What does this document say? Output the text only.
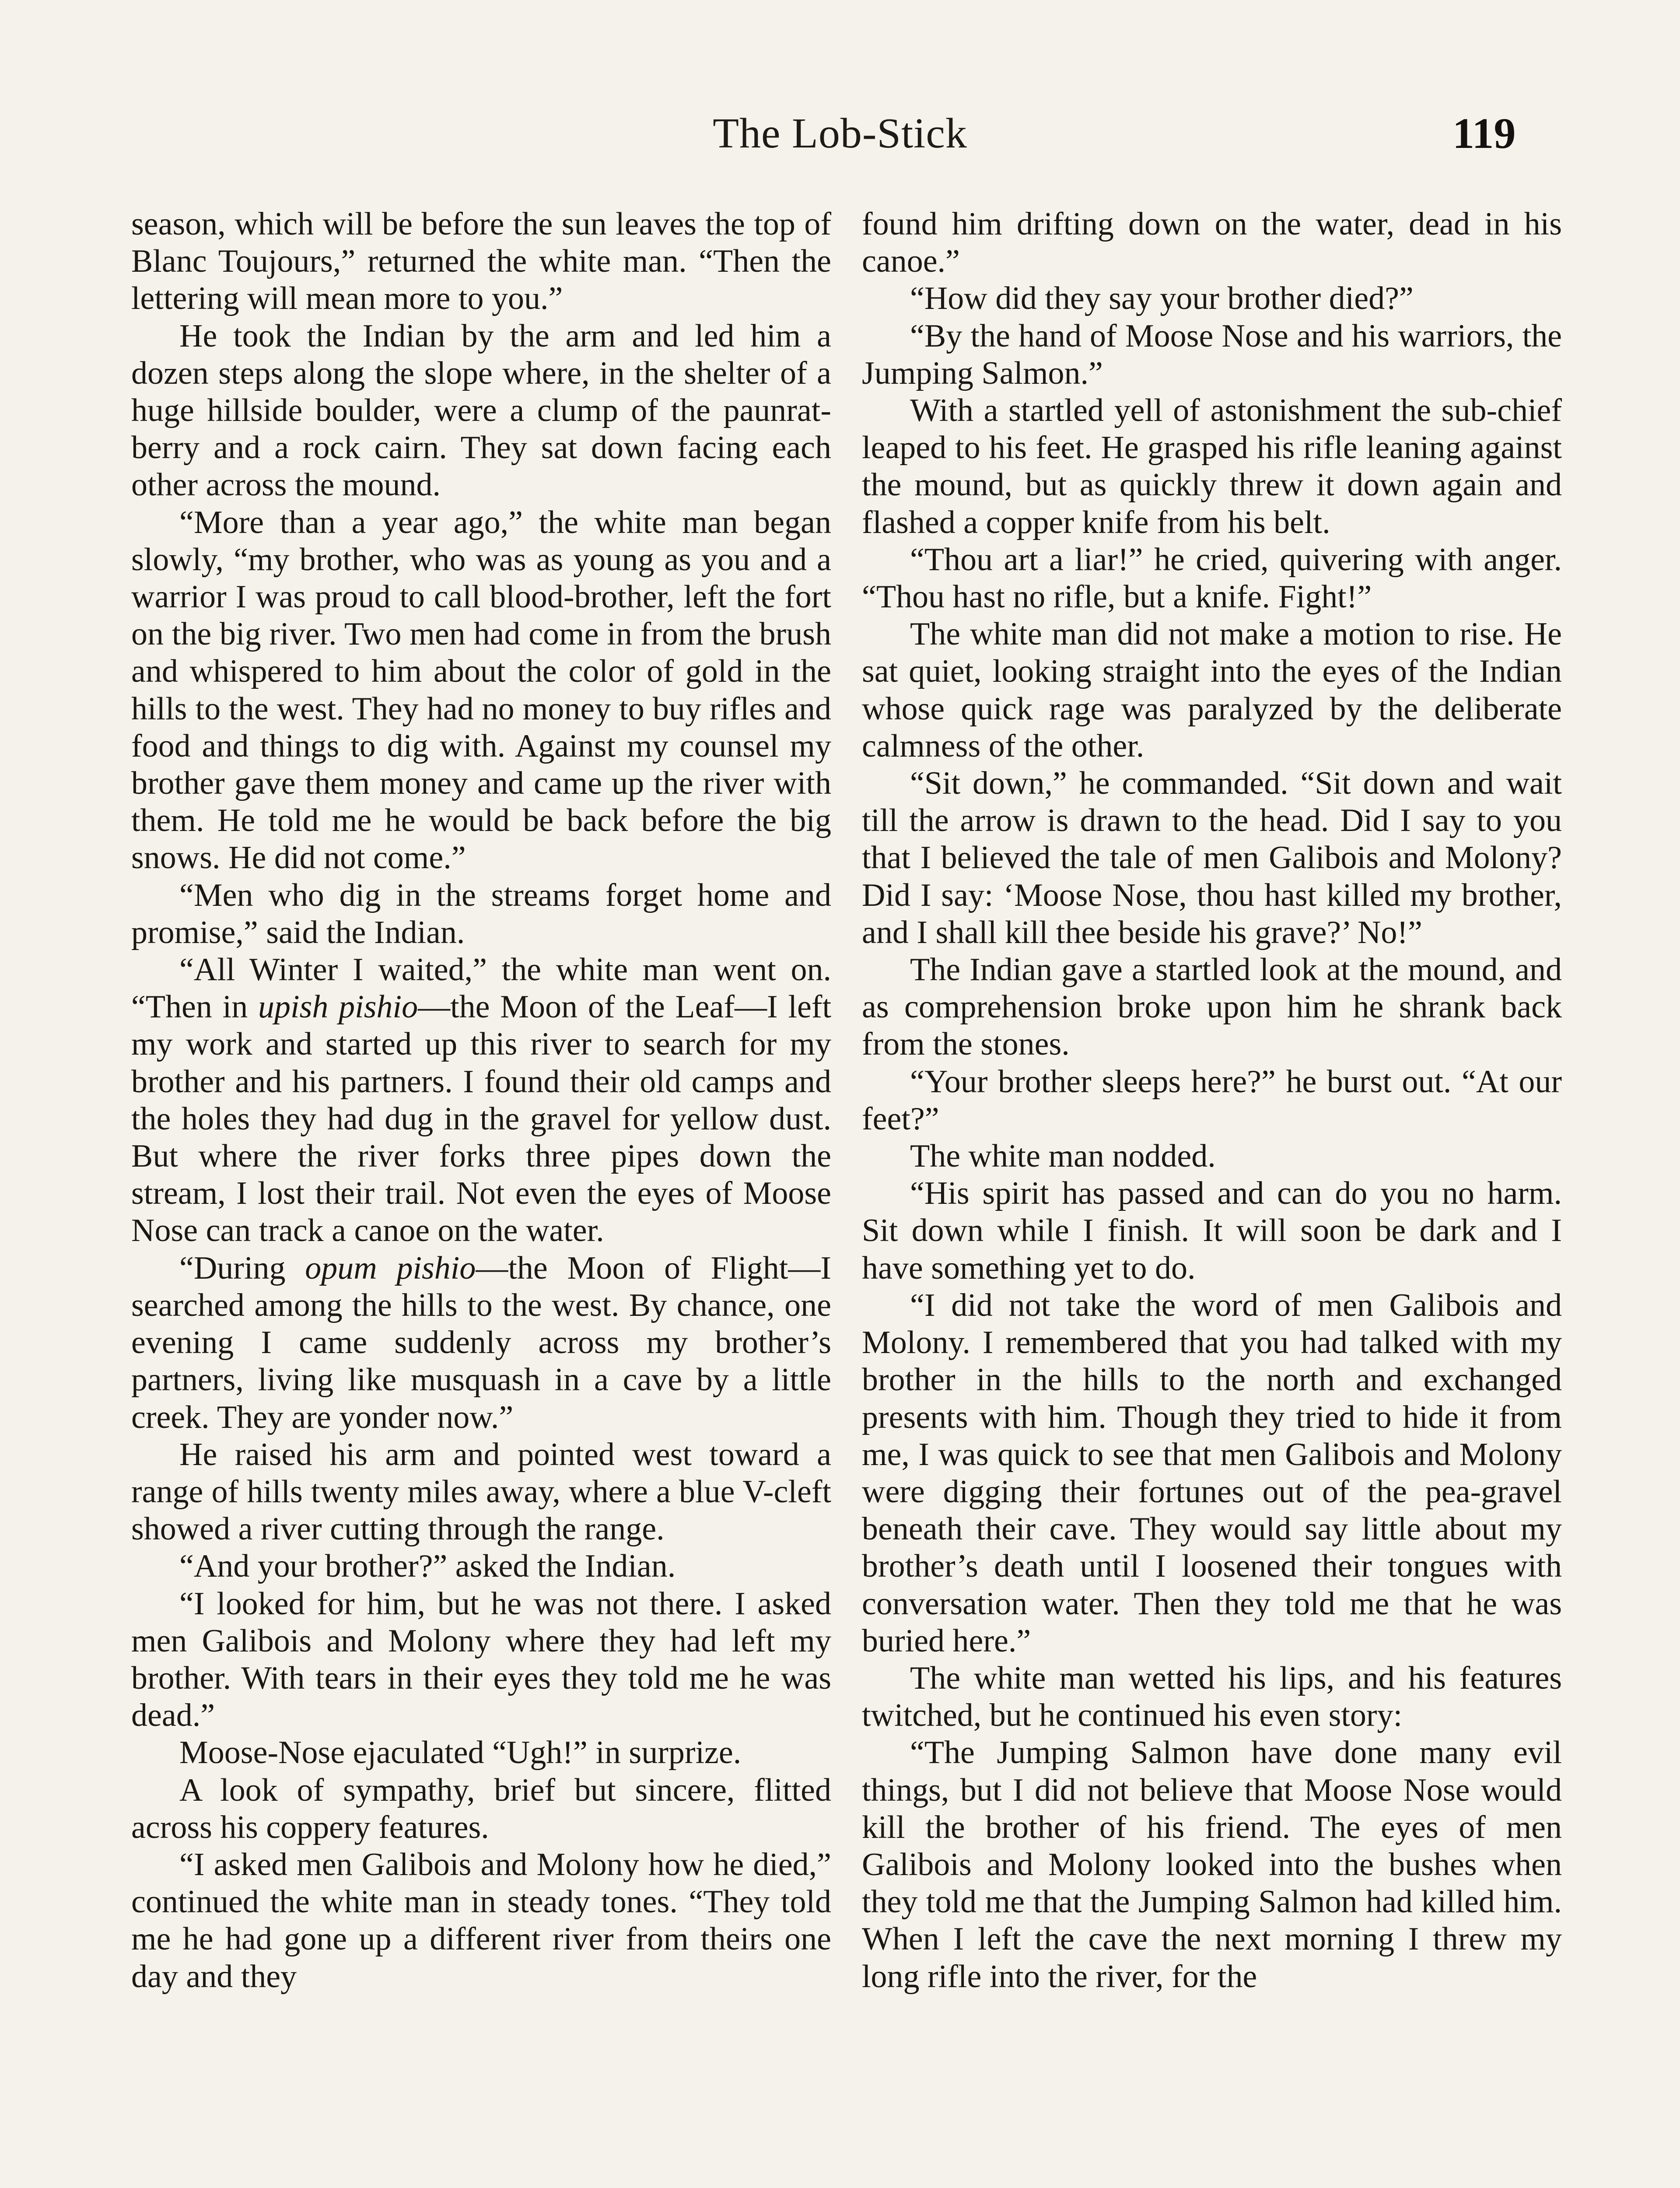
The Lob-Stick	119

season, which will be before the sun leaves the top of Blanc Toujours,” returned the white man. “Then the lettering will mean more to you.”

He took the Indian by the arm and led him a dozen steps along the slope where, in the shelter of a huge hillside boulder, were a clump of the paunrat-berry and a rock cairn. They sat down facing each other across the mound.

“More than a year ago,” the white man began slowly, “my brother, who was as young as you and a warrior I was proud to call blood-brother, left the fort on the big river. Two men had come in from the brush and whispered to him about the color of gold in the hills to the west. They had no money to buy rifles and food and things to dig with. Against my counsel my brother gave them money and came up the river with them. He told me he would be back before the big snows. He did not come.”

“Men who dig in the streams forget home and promise,” said the Indian.

“All Winter I waited,” the white man went on. “Then in upish pishio—the Moon of the Leaf—I left my work and started up this river to search for my brother and his partners. I found their old camps and the holes they had dug in the gravel for yellow dust. But where the river forks three pipes down the stream, I lost their trail. Not even the eyes of Moose Nose can track a canoe on the water.

“During opum pishio—the Moon of Flight—I searched among the hills to the west. By chance, one evening I came suddenly across my brother’s partners, living like musquash in a cave by a little creek. They are yonder now.”

He raised his arm and pointed west toward a range of hills twenty miles away, where a blue V-cleft showed a river cutting through the range.

“And your brother?” asked the Indian.

“I looked for him, but he was not there. I asked men Galibois and Molony where they had left my brother. With tears in their eyes they told me he was dead.”

Moose-Nose ejaculated “Ugh!” in surprize.

A look of sympathy, brief but sincere, flitted across his coppery features.

“I asked men Galibois and Molony how he died,” continued the white man in steady tones. “They told me he had gone up a different river from theirs one day and they

found him drifting down on the water, dead in his canoe.”

“How did they say your brother died?”

“By the hand of Moose Nose and his warriors, the Jumping Salmon.”

With a startled yell of astonishment the sub-chief leaped to his feet. He grasped his rifle leaning against the mound, but as quickly threw it down again and flashed a copper knife from his belt.

“Thou art a liar!” he cried, quivering with anger. “Thou hast no rifle, but a knife. Fight!”

The white man did not make a motion to rise. He sat quiet, looking straight into the eyes of the Indian whose quick rage was paralyzed by the deliberate calmness of the other.

“Sit down,” he commanded. “Sit down and wait till the arrow is drawn to the head. Did I say to you that I believed the tale of men Galibois and Molony? Did I say: ‘Moose Nose, thou hast killed my brother, and I shall kill thee beside his grave?’ No!”

The Indian gave a startled look at the mound, and as comprehension broke upon him he shrank back from the stones.

“Your brother sleeps here?” he burst out. “At our feet?”

The white man nodded.

“His spirit has passed and can do you no harm. Sit down while I finish. It will soon be dark and I have something yet to do.

“I did not take the word of men Galibois and Molony. I remembered that you had talked with my brother in the hills to the north and exchanged presents with him. Though they tried to hide it from me, I was quick to see that men Galibois and Molony were digging their fortunes out of the pea-gravel beneath their cave. They would say little about my brother’s death until I loosened their tongues with conversation water. Then they told me that he was buried here.”

The white man wetted his lips, and his features twitched, but he continued his even story:

“The Jumping Salmon have done many evil things, but I did not believe that Moose Nose would kill the brother of his friend. The eyes of men Galibois and Molony looked into the bushes when they told me that the Jumping Salmon had killed him. When I left the cave the next morning I threw my long rifle into the river, for the
